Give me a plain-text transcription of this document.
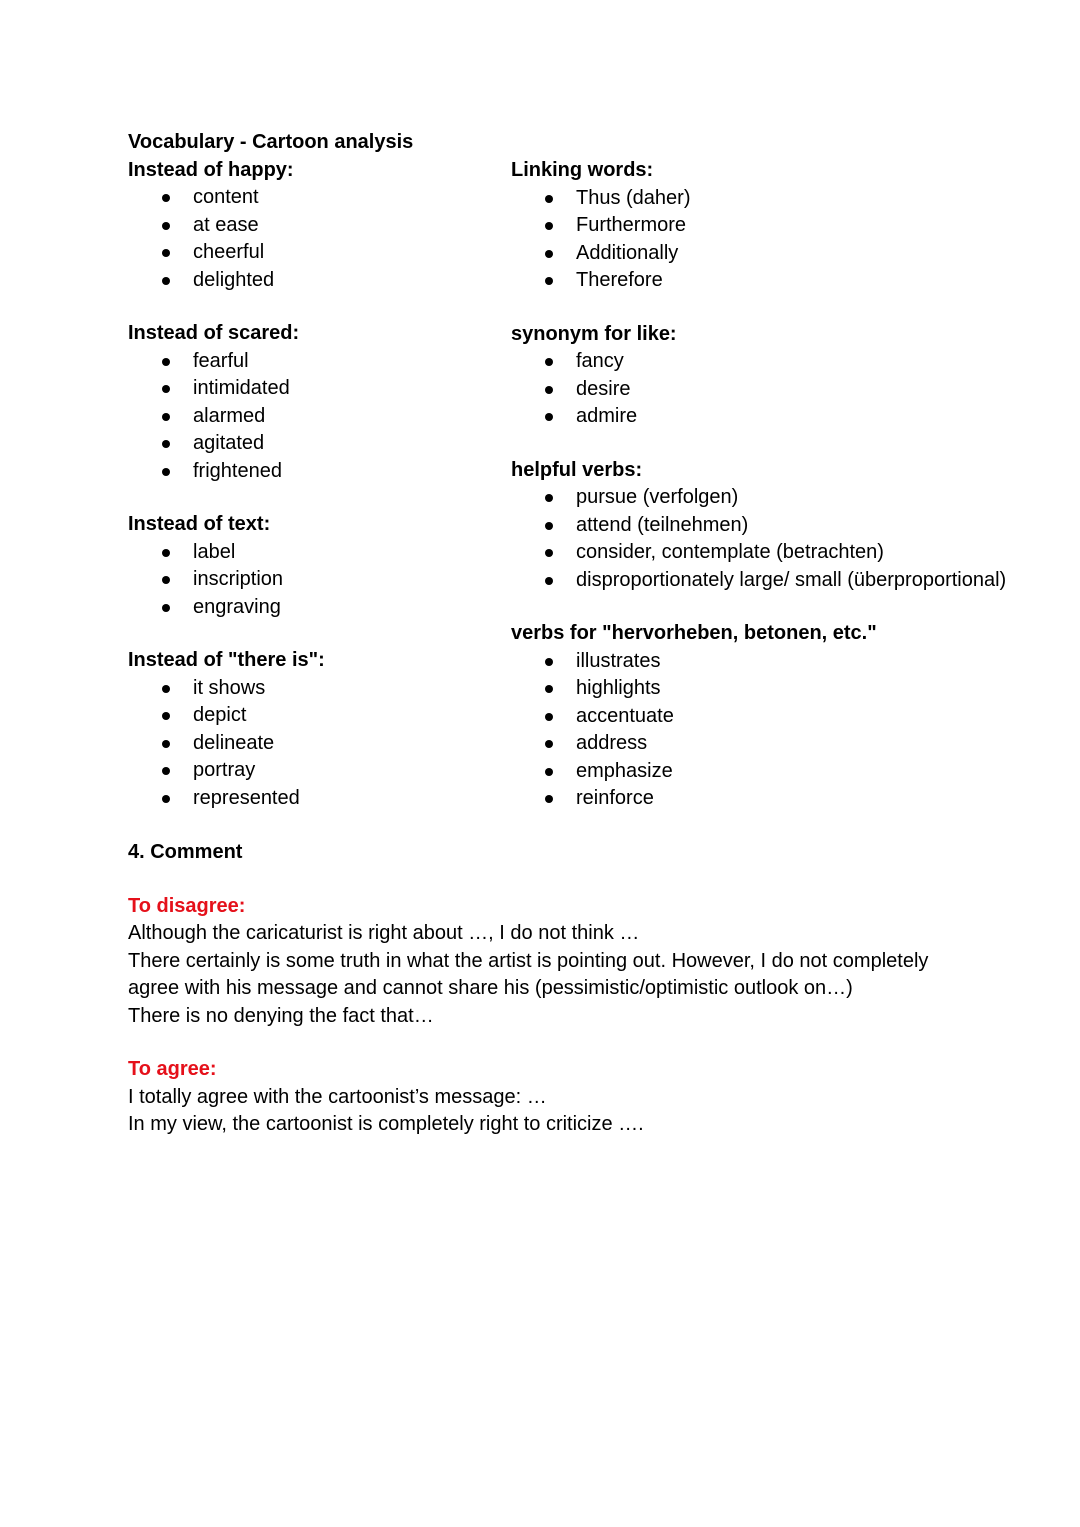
Vocabulary - Cartoon analysis

Instead of happy:

content
at ease
cheerful
delighted

Instead of scared:

fearful
intimidated
alarmed
agitated
frightened

Instead of text:

label
inscription
engraving

Instead of "there is":

it shows
depict
delineate
portray
represented

Linking words:

Thus (daher)
Furthermore
Additionally
Therefore

synonym for like:

fancy
desire
admire

helpful verbs:

pursue (verfolgen)
attend (teilnehmen)
consider, contemplate (betrachten)
disproportionately large/ small (überproportional)

verbs for "hervorheben, betonen, etc."

illustrates
highlights
accentuate
address
emphasize
reinforce

4. Comment

To disagree:

Although the caricaturist is right about …, I do not think …

There certainly is some truth in what the artist is pointing out. However, I do not completely

agree with his message and cannot share his (pessimistic/optimistic outlook on…)

There is no denying the fact that…

To agree:

I totally agree with the cartoonist’s message: …

In my view, the cartoonist is completely right to criticize ….
